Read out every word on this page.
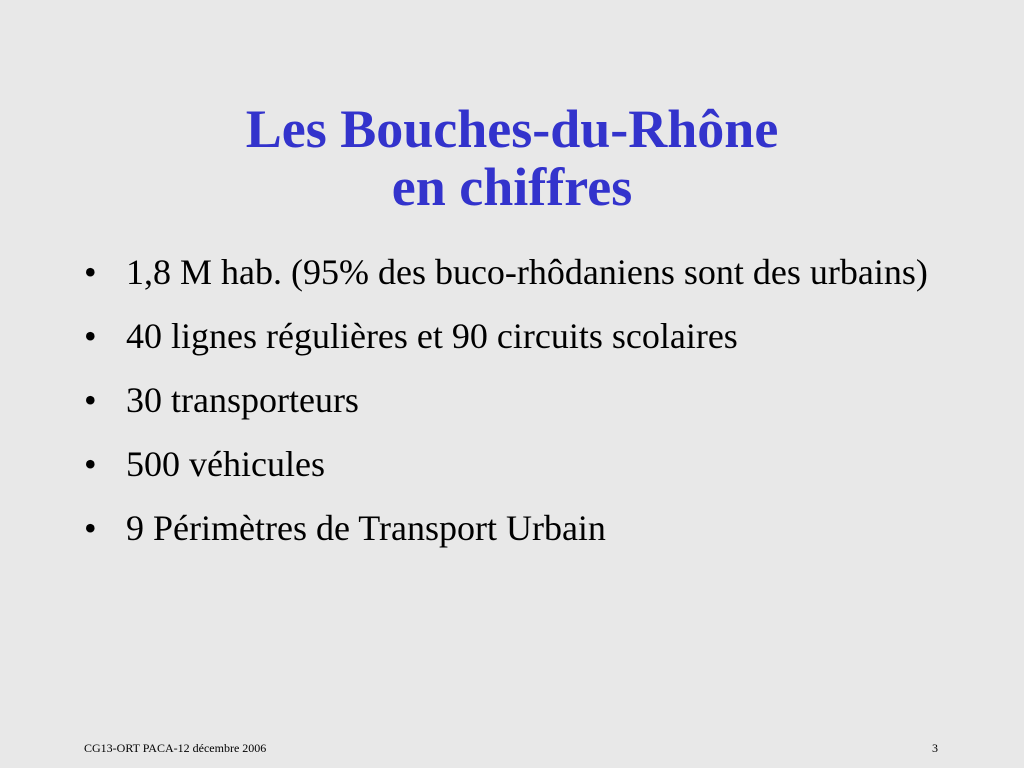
Les Bouches-du-Rhône
en chiffres
• 1,8 M hab. (95% des buco-rhôdaniens sont des urbains)
• 40 lignes régulières et 90 circuits scolaires
• 30 transporteurs
• 500 véhicules
• 9 Périmètres de Transport Urbain
CG13-ORT PACA-12 décembre 2006	3
